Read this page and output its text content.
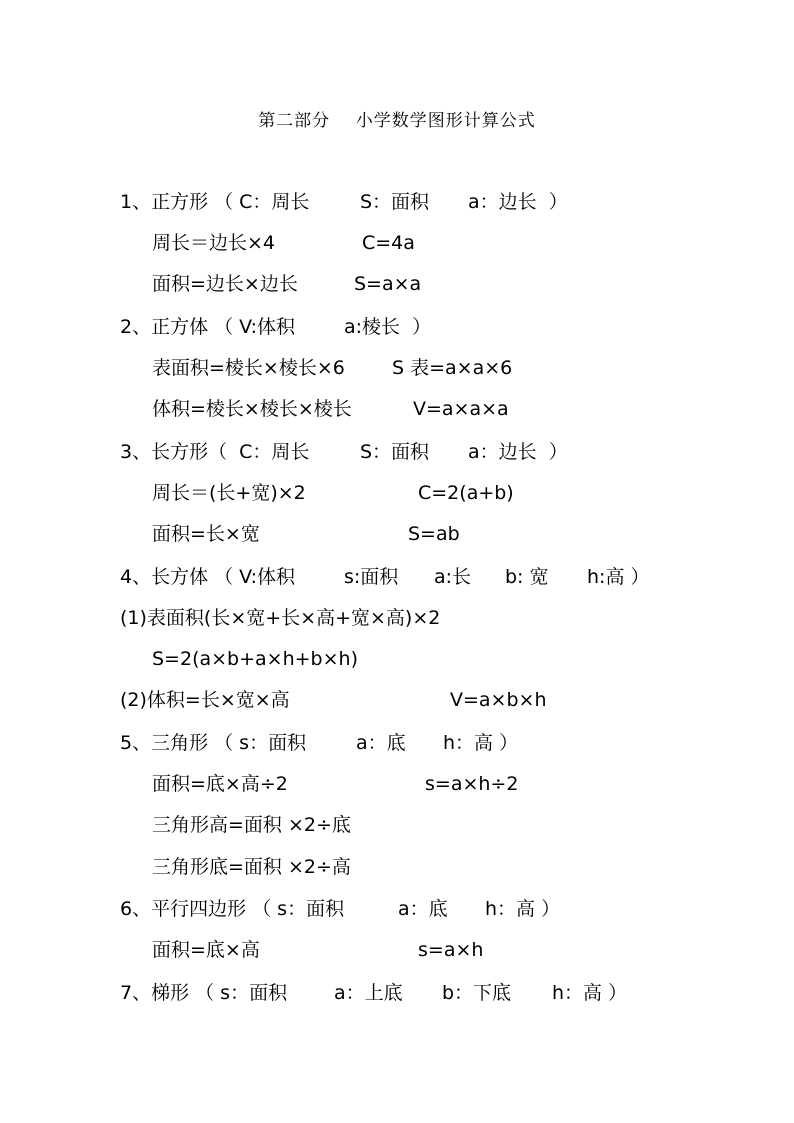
第二部分    小学数学图形计算公式
1、正方形 （ C：周长	S：面积 a：边长  ）
周长＝边长×4	C=4a
面积=边长×边长	S=a×a
2、正方体 （ V:体积	a:棱长  ）
表面积=棱长×棱长×6 S 表=a×a×6
体积=棱长×棱长×棱长	V=a×a×a
3、长方形（  C：周长	S：面积 a：边长  ）
周长＝(长+宽)×2	C=2(a+b)
面积=长×宽	S=ab
4、长方体 （ V:体积	s:面积 a:长 b: 宽 h:高 ）
(1)表面积(长×宽+长×高+宽×高)×2
S=2(a×b+a×h+b×h)
(2)体积=长×宽×高	V=a×b×h
5、三角形 （ s：面积	a：底 h：高 ）
面积=底×高÷2	s=a×h÷2
三角形高=面积 ×2÷底
三角形底=面积 ×2÷高
6、平行四边形 （ s：面积	a：底 h：高 ）
面积=底×高	s=a×h
7、梯形 （ s：面积 a：上底 b：下底 h：高 ）
